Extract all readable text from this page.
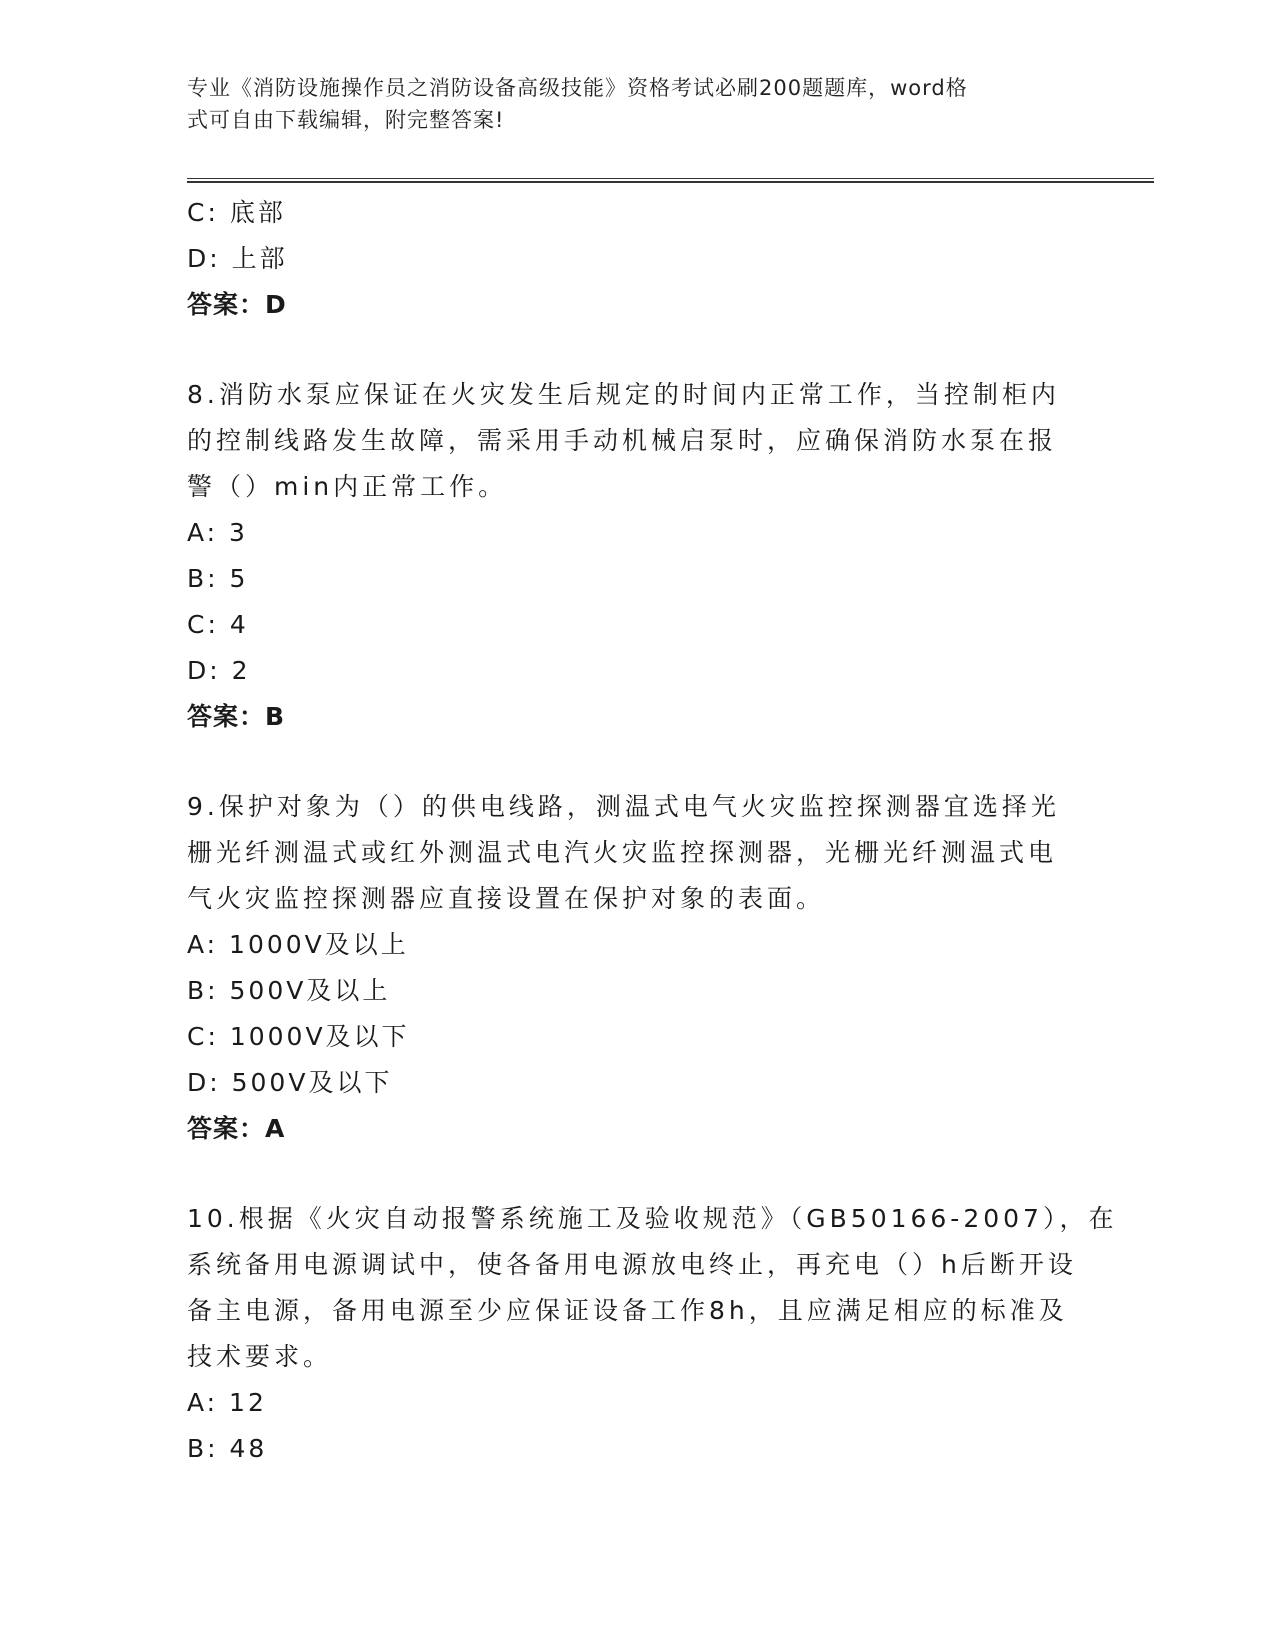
专业《消防设施操作员之消防设备高级技能》资格考试必刷200题题库，word格
式可自由下载编辑，附完整答案!
C: 底部
D: 上部
答案：D
8.消防水泵应保证在火灾发生后规定的时间内正常工作，当控制柜内
的控制线路发生故障，需采用手动机械启泵时，应确保消防水泵在报
警（）min内正常工作。
A: 3
B: 5
C: 4
D: 2
答案：B
9.保护对象为（）的供电线路，测温式电气火灾监控探测器宜选择光
栅光纤测温式或红外测温式电汽火灾监控探测器，光栅光纤测温式电
气火灾监控探测器应直接设置在保护对象的表面。
A: 1000V及以上
B: 500V及以上
C: 1000V及以下
D: 500V及以下
答案：A
10.根据《火灾自动报警系统施工及验收规范》（GB50166-2007），在
系统备用电源调试中，使各备用电源放电终止，再充电（）h后断开设
备主电源，备用电源至少应保证设备工作8h，且应满足相应的标准及
技术要求。
A: 12
B: 48
